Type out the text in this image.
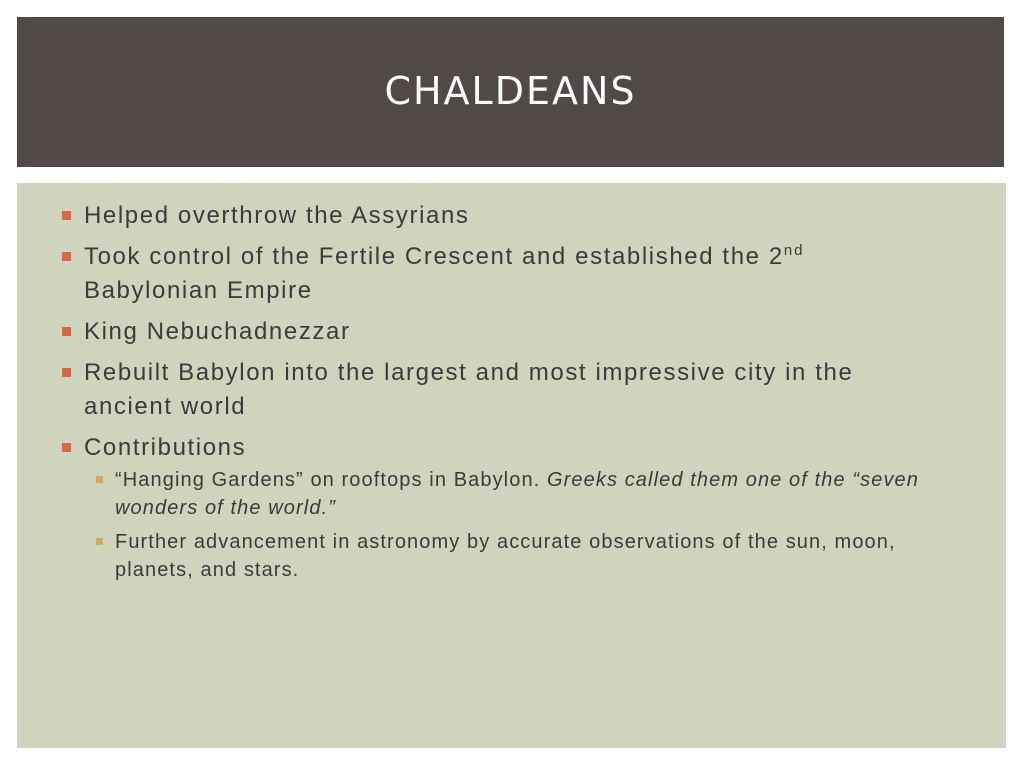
CHALDEANS
Helped overthrow the Assyrians
Took control of the Fertile Crescent and established the 2nd Babylonian Empire
King Nebuchadnezzar
Rebuilt Babylon into the largest and most impressive city in the ancient world
Contributions
“Hanging Gardens” on rooftops in Babylon. Greeks called them one of the “seven wonders of the world.”
Further advancement in astronomy by accurate observations of the sun, moon, planets, and stars.
